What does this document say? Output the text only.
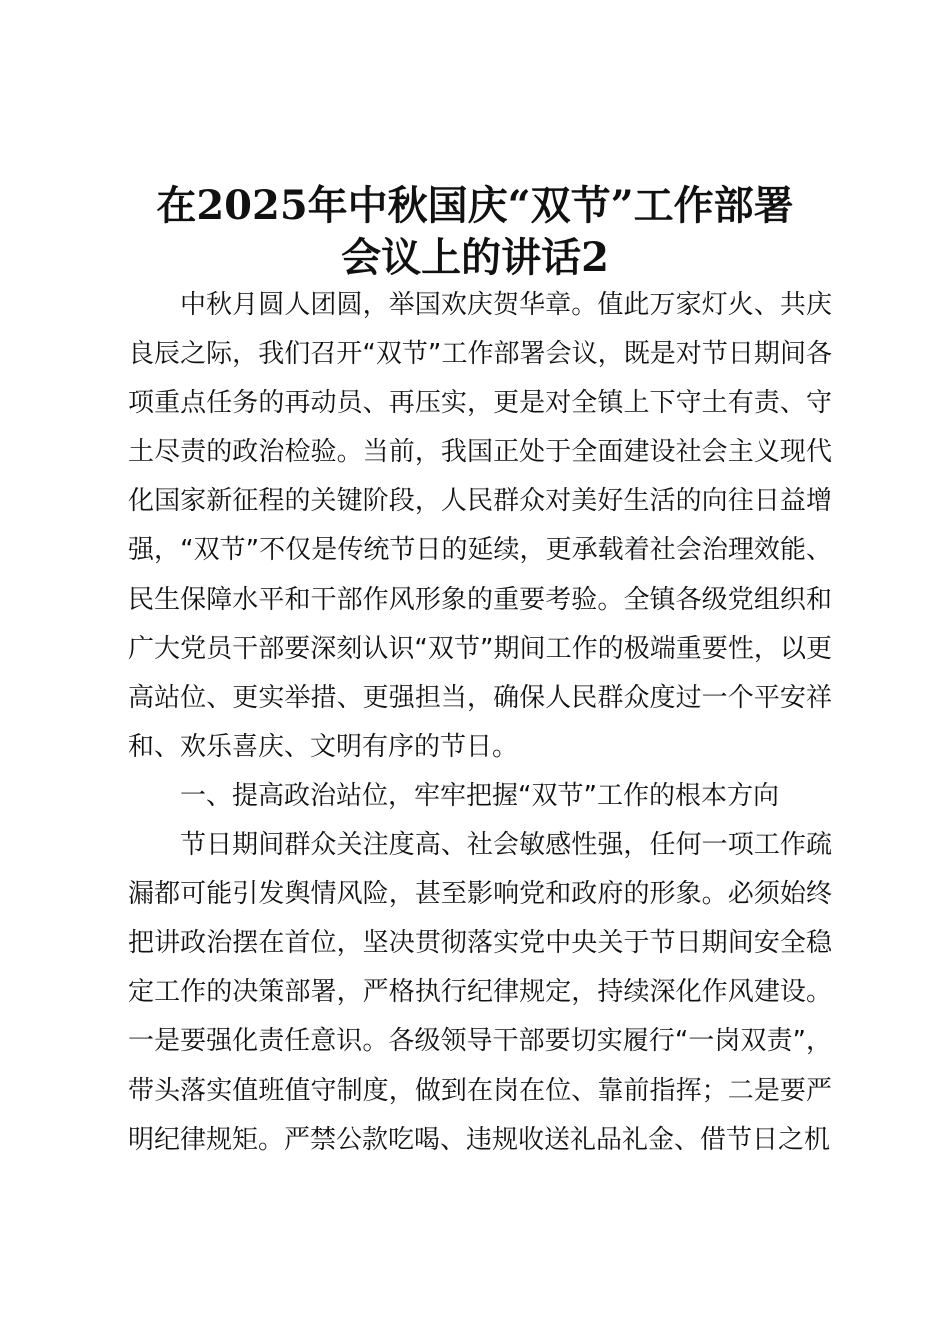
在2025年中秋国庆“双节”工作部署
会议上的讲话2

中秋月圆人团圆，举国欢庆贺华章。值此万家灯火、共庆良辰之际，我们召开“双节”工作部署会议，既是对节日期间各项重点任务的再动员、再压实，更是对全镇上下守土有责、守土尽责的政治检验。当前，我国正处于全面建设社会主义现代化国家新征程的关键阶段，人民群众对美好生活的向往日益增强，“双节”不仅是传统节日的延续，更承载着社会治理效能、民生保障水平和干部作风形象的重要考验。全镇各级党组织和广大党员干部要深刻认识“双节”期间工作的极端重要性，以更高站位、更实举措、更强担当，确保人民群众度过一个平安祥和、欢乐喜庆、文明有序的节日。

一、提高政治站位，牢牢把握“双节”工作的根本方向

节日期间群众关注度高、社会敏感性强，任何一项工作疏漏都可能引发舆情风险，甚至影响党和政府的形象。必须始终把讲政治摆在首位，坚决贯彻落实党中央关于节日期间安全稳定工作的决策部署，严格执行纪律规定，持续深化作风建设。一是要强化责任意识。各级领导干部要切实履行“一岗双责”，带头落实值班值守制度，做到在岗在位、靠前指挥；二是要严明纪律规矩。严禁公款吃喝、违规收送礼品礼金、借节日之机
